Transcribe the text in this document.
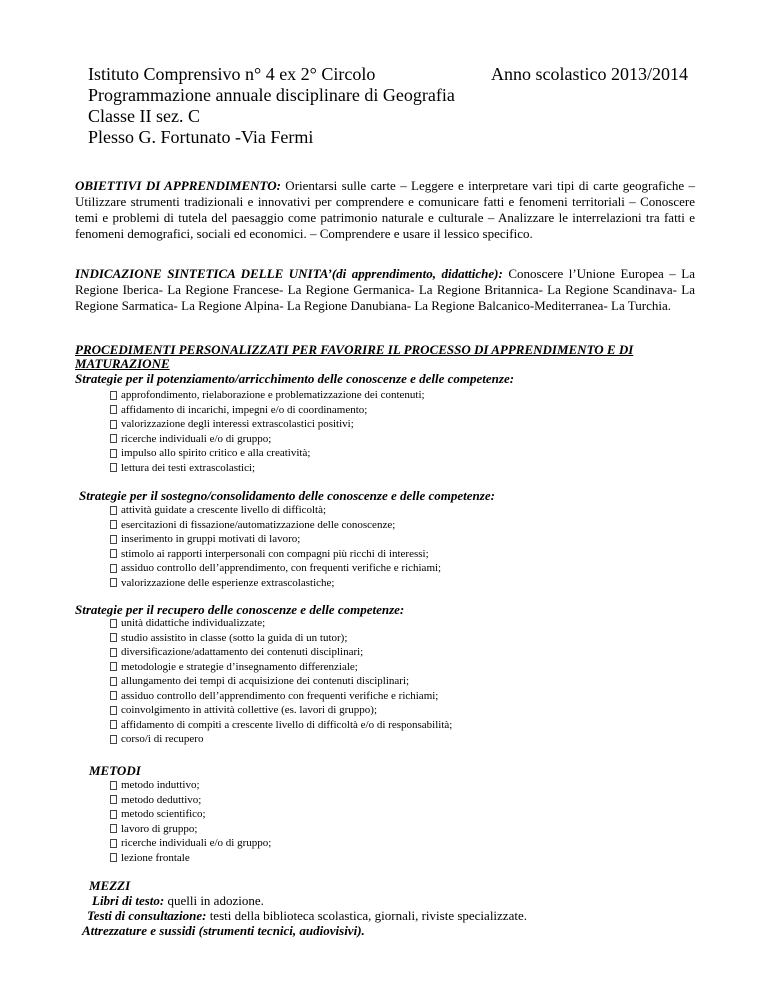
Istituto Comprensivo n° 4 ex 2° Circolo	Anno scolastico 2013/2014
Programmazione annuale disciplinare di Geografia
Classe II sez. C
Plesso G. Fortunato -Via Fermi
OBIETTIVI DI APPRENDIMENTO: Orientarsi sulle carte – Leggere e interpretare vari tipi di carte geografiche – Utilizzare strumenti tradizionali e innovativi per comprendere e comunicare fatti e fenomeni territoriali – Conoscere temi e problemi di tutela del paesaggio come patrimonio naturale e culturale – Analizzare le interrelazioni tra fatti e fenomeni demografici, sociali ed economici. – Comprendere e usare il lessico specifico.
INDICAZIONE SINTETICA DELLE UNITA’(di apprendimento, didattiche): Conoscere l’Unione Europea – La Regione Iberica- La Regione Francese- La Regione Germanica- La Regione Britannica- La Regione Scandinava- La Regione Sarmatica- La Regione Alpina- La Regione Danubiana- La Regione Balcanico-Mediterranea- La Turchia.
PROCEDIMENTI PERSONALIZZATI PER FAVORIRE IL PROCESSO DI APPRENDIMENTO E DI
MATURAZIONE
Strategie per il potenziamento/arricchimento delle conoscenze e delle competenze:
approfondimento, rielaborazione e problematizzazione dei contenuti;
affidamento di incarichi, impegni e/o di coordinamento;
valorizzazione degli interessi extrascolastici positivi;
ricerche individuali e/o di gruppo;
impulso allo spirito critico e alla creatività;
lettura dei testi extrascolastici;
Strategie per il sostegno/consolidamento delle conoscenze e delle competenze:
attività guidate a crescente livello di difficoltà;
esercitazioni di fissazione/automatizzazione delle conoscenze;
inserimento in gruppi motivati di lavoro;
stimolo ai rapporti interpersonali con compagni più ricchi di interessi;
assiduo controllo dell’apprendimento, con frequenti verifiche e richiami;
valorizzazione delle esperienze extrascolastiche;
Strategie per il recupero delle conoscenze e delle competenze:
unità didattiche individualizzate;
studio assistito in classe (sotto la guida di un tutor);
diversificazione/adattamento dei contenuti disciplinari;
metodologie e strategie d’insegnamento differenziale;
allungamento dei tempi di acquisizione dei contenuti disciplinari;
assiduo controllo dell’apprendimento con frequenti verifiche e richiami;
coinvolgimento in attività collettive (es. lavori di gruppo);
affidamento di compiti a crescente livello di difficoltà e/o di responsabilità;
corso/i di recupero
METODI
metodo induttivo;
metodo deduttivo;
metodo scientifico;
lavoro di gruppo;
ricerche individuali e/o di gruppo;
lezione frontale
MEZZI
Libri di testo: quelli in adozione.
Testi di consultazione: testi della biblioteca scolastica, giornali, riviste specializzate.
Attrezzature e sussidi (strumenti tecnici, audiovisivi).
